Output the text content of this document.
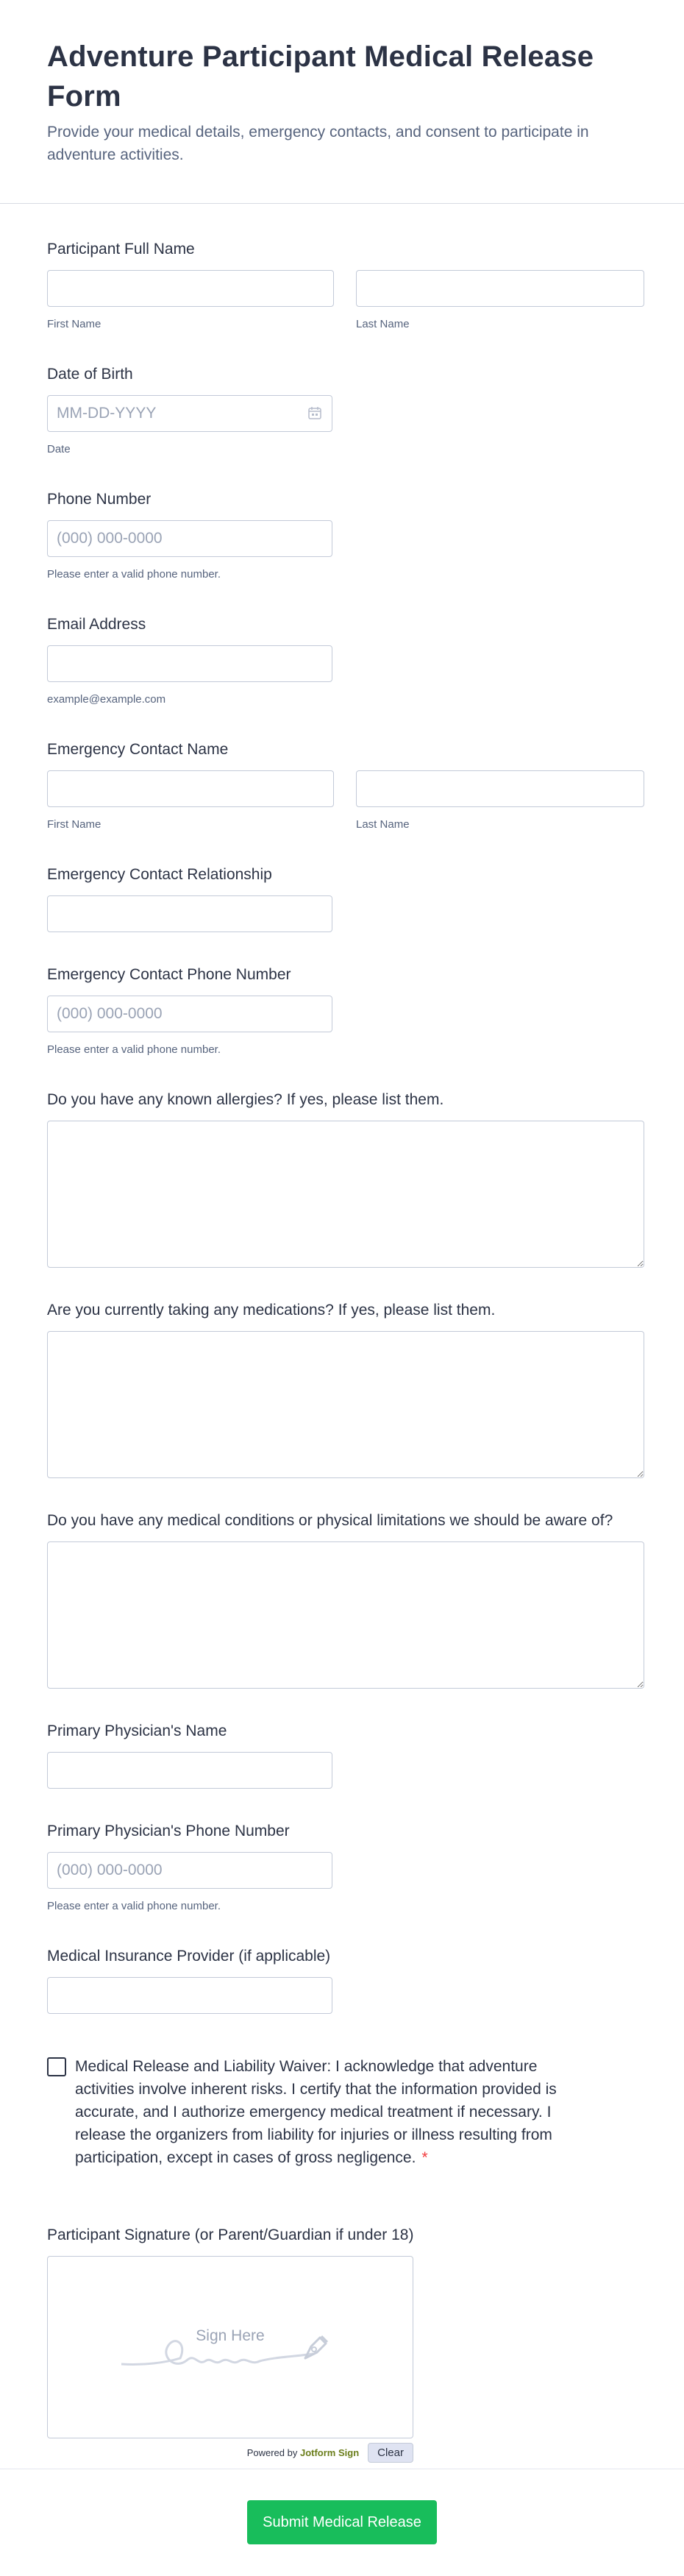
Adventure Participant Medical Release Form

Provide your medical details, emergency contacts, and consent to participate in adventure activities.

Participant Full Name
First Name	Last Name
Date of Birth
MM-DD-YYYY
Date
Phone Number
(000) 000-0000
Please enter a valid phone number.
Email Address
example@example.com
Emergency Contact Name
First Name	Last Name
Emergency Contact Relationship
Emergency Contact Phone Number
(000) 000-0000
Please enter a valid phone number.
Do you have any known allergies? If yes, please list them.
Are you currently taking any medications? If yes, please list them.
Do you have any medical conditions or physical limitations we should be aware of?
Primary Physician's Name
Primary Physician's Phone Number
(000) 000-0000
Please enter a valid phone number.
Medical Insurance Provider (if applicable)
Medical Release and Liability Waiver: I acknowledge that adventure activities involve inherent risks. I certify that the information provided is accurate, and I authorize emergency medical treatment if necessary. I release the organizers from liability for injuries or illness resulting from participation, except in cases of gross negligence. *
Participant Signature (or Parent/Guardian if under 18)
Sign Here
Powered by Jotform Sign	Clear
Submit Medical Release
